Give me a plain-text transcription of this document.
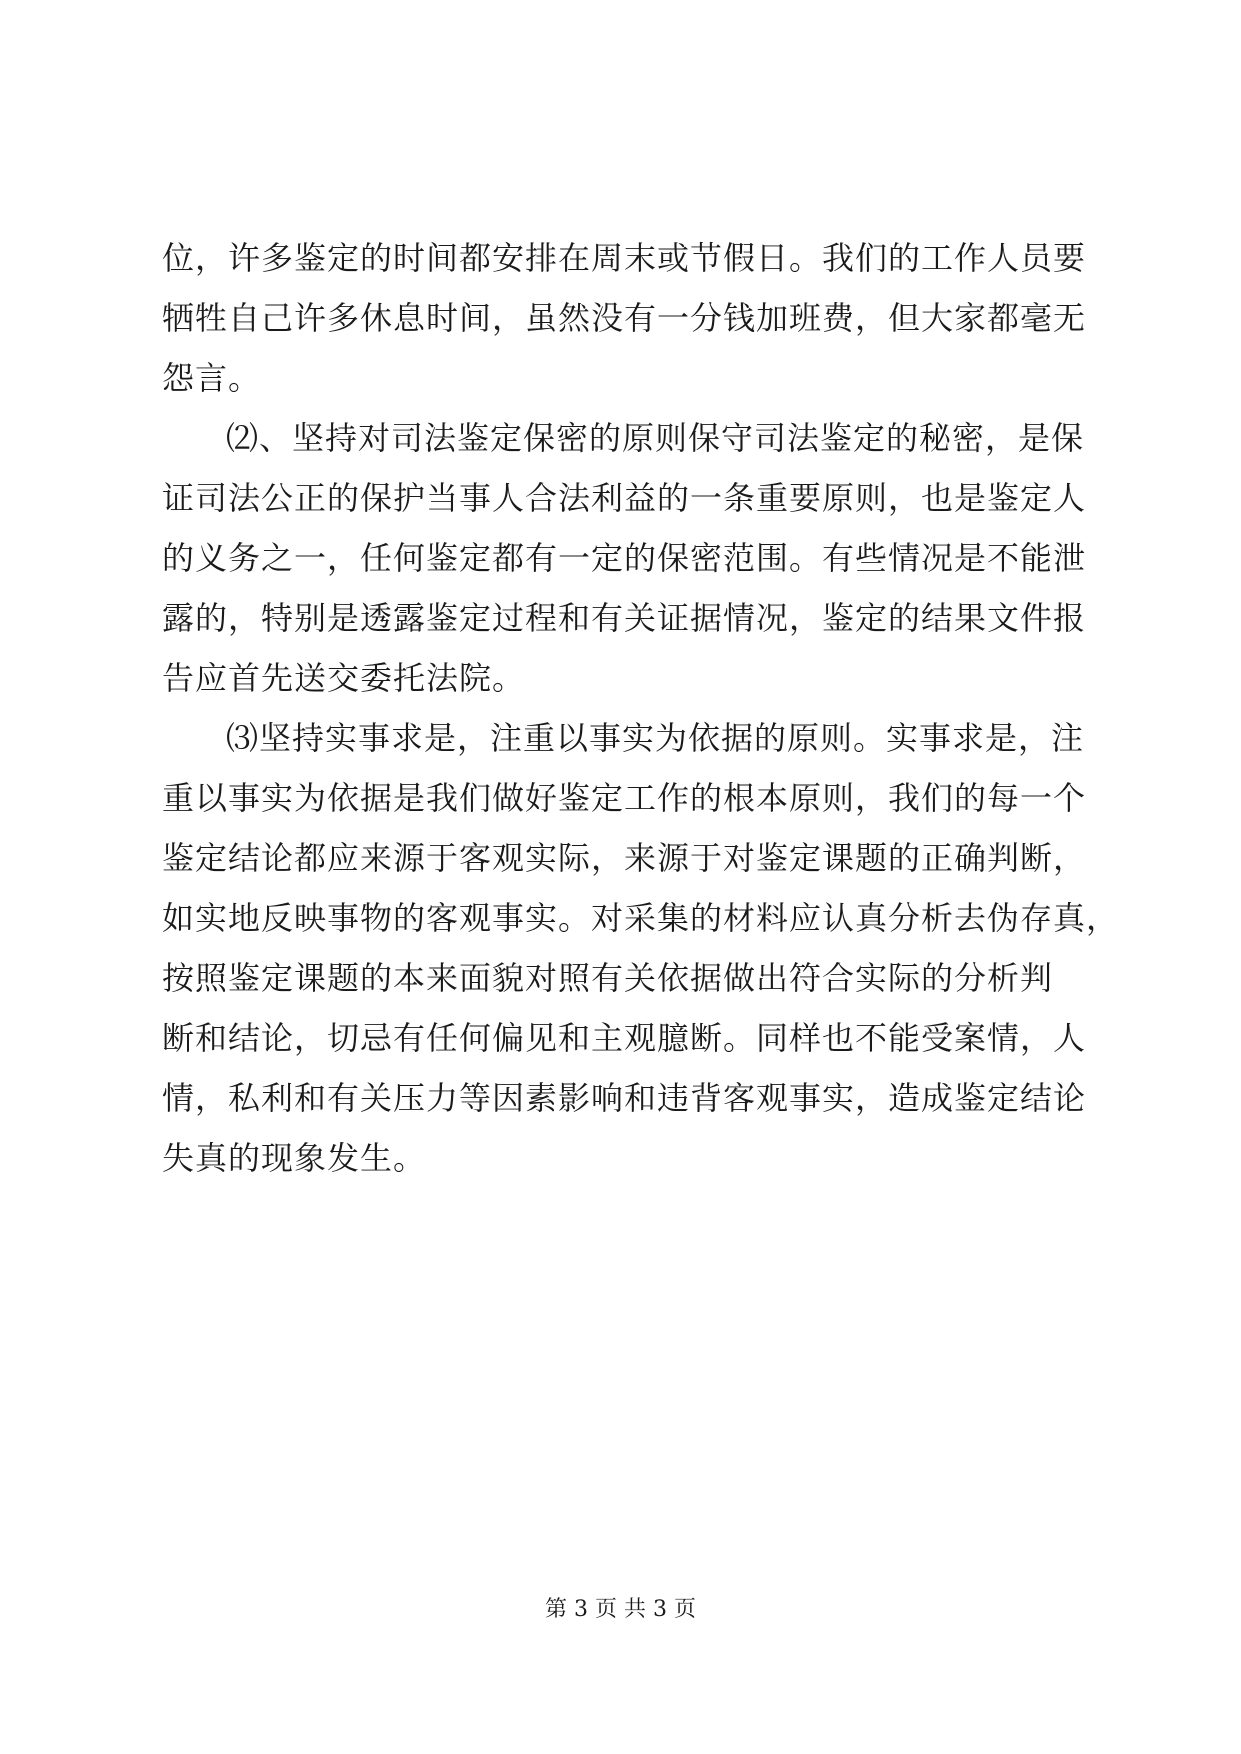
位，许多鉴定的时间都安排在周末或节假日。我们的工作人员要
牺牲自己许多休息时间，虽然没有一分钱加班费，但大家都毫无
怨言。
⑵、坚持对司法鉴定保密的原则保守司法鉴定的秘密，是保
证司法公正的保护当事人合法利益的一条重要原则，也是鉴定人
的义务之一，任何鉴定都有一定的保密范围。有些情况是不能泄
露的，特别是透露鉴定过程和有关证据情况，鉴定的结果文件报
告应首先送交委托法院。
⑶坚持实事求是，注重以事实为依据的原则。实事求是，注
重以事实为依据是我们做好鉴定工作的根本原则，我们的每一个
鉴定结论都应来源于客观实际，来源于对鉴定课题的正确判断，
如实地反映事物的客观事实。对采集的材料应认真分析去伪存真，
按照鉴定课题的本来面貌对照有关依据做出符合实际的分析判
断和结论，切忌有任何偏见和主观臆断。同样也不能受案情，人
情，私利和有关压力等因素影响和违背客观事实，造成鉴定结论
失真的现象发生。
第 3 页 共 3 页
